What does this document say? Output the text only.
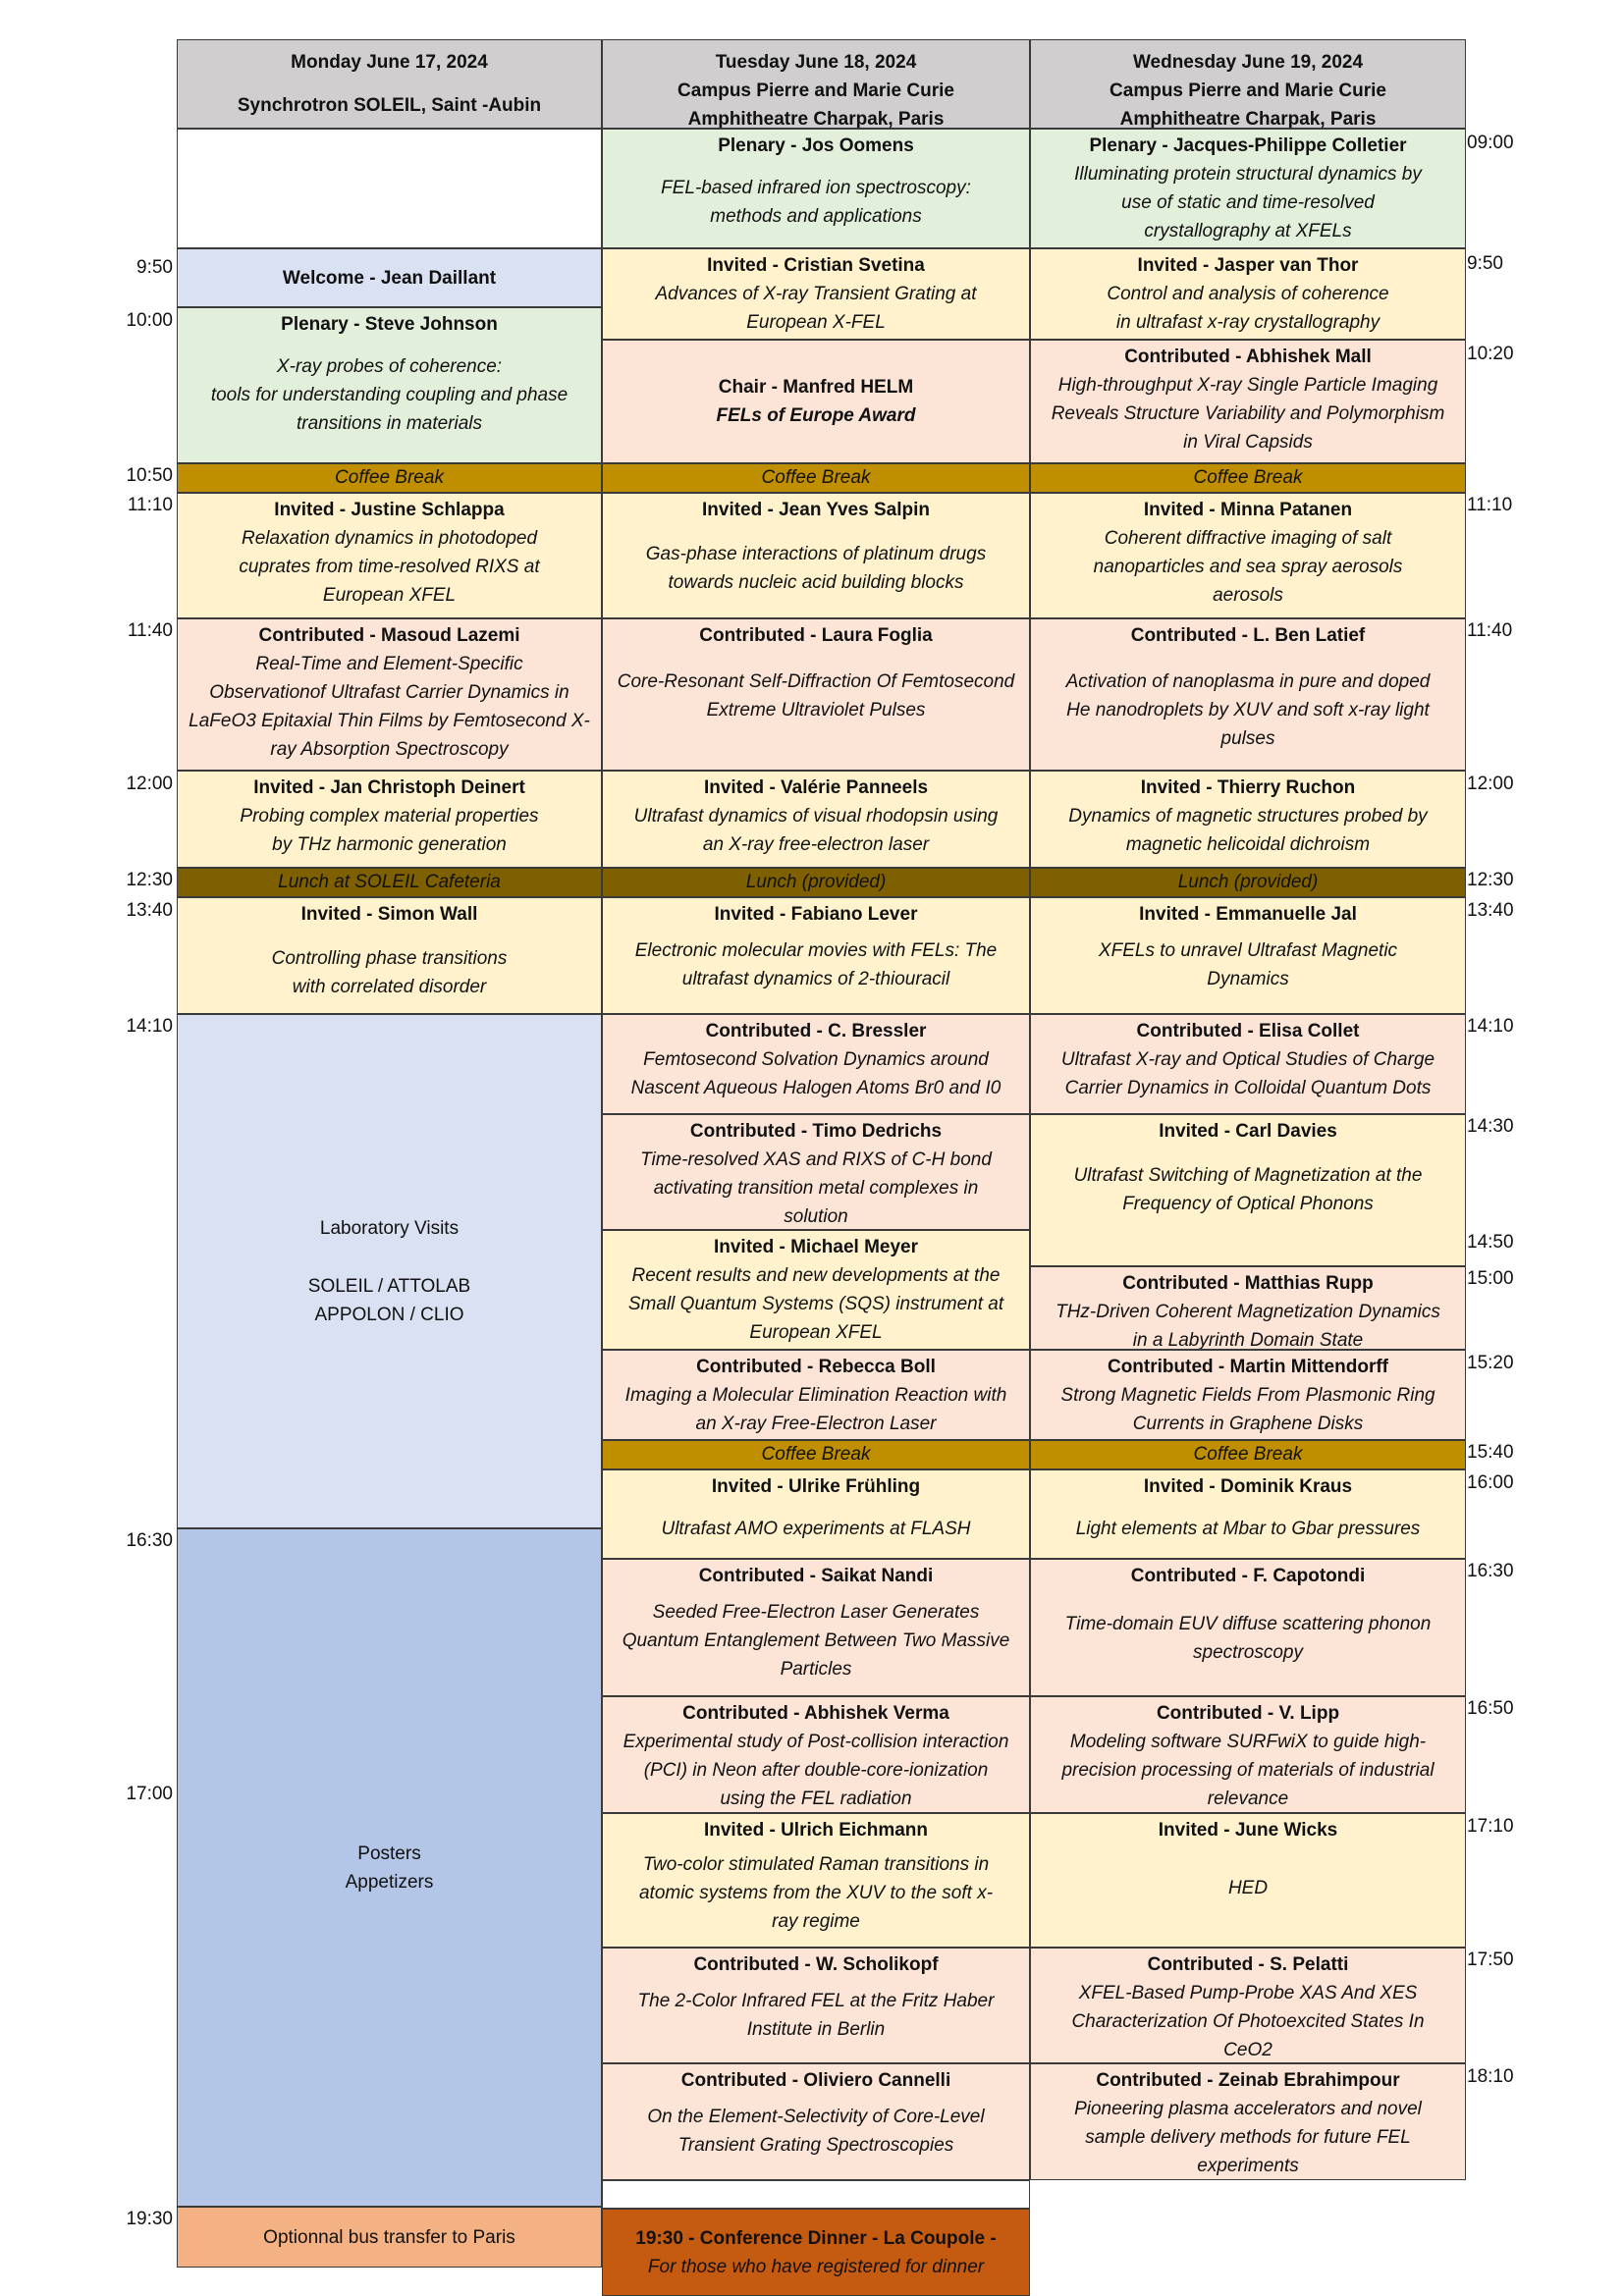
Monday June 17, 2024
Synchrotron SOLEIL, Saint -Aubin
Tuesday June 18, 2024
Campus Pierre and Marie Curie
Amphitheatre Charpak, Paris
Wednesday June 19, 2024
Campus Pierre and Marie Curie
Amphitheatre Charpak, Paris
Welcome - Jean Daillant
Plenary - Steve Johnson
X-ray probes of coherence:
tools for understanding coupling and phase
transitions in materials
Coffee Break
Invited - Justine Schlappa
Relaxation dynamics in photodoped
cuprates from time-resolved RIXS at
European XFEL
Contributed - Masoud Lazemi
Real-Time and Element-Specific
Observationof Ultrafast Carrier Dynamics in
LaFeO3 Epitaxial Thin Films by Femtosecond X-
ray Absorption Spectroscopy
Invited - Jan Christoph Deinert
Probing complex material properties
by THz harmonic generation
Lunch at SOLEIL Cafeteria
Invited - Simon Wall
Controlling phase transitions
with correlated disorder
Laboratory Visits
SOLEIL / ATTOLAB
APPOLON / CLIO
Posters
Appetizers
Optionnal bus transfer to Paris
Plenary - Jos Oomens
FEL-based infrared ion spectroscopy:
methods and applications
Invited - Cristian Svetina
Advances of X-ray Transient Grating at
European X-FEL
Chair - Manfred HELM
FELs of Europe Award
Coffee Break
Invited - Jean Yves Salpin
Gas-phase interactions of platinum drugs
towards nucleic acid building blocks
Contributed - Laura Foglia
Core-Resonant Self-Diffraction Of Femtosecond
Extreme Ultraviolet Pulses
Invited - Valérie Panneels
Ultrafast dynamics of visual rhodopsin using
an X-ray free-electron laser
Lunch (provided)
Invited - Fabiano Lever
Electronic molecular movies with FELs: The
ultrafast dynamics of 2-thiouracil
Contributed - C. Bressler
Femtosecond Solvation Dynamics around
Nascent Aqueous Halogen Atoms Br0 and I0
Contributed - Timo Dedrichs
Time-resolved XAS and RIXS of C-H bond
activating transition metal complexes in
solution
Invited - Michael Meyer
Recent results and new developments at the
Small Quantum Systems (SQS) instrument at
European XFEL
Contributed - Rebecca Boll
Imaging a Molecular Elimination Reaction with
an X-ray Free-Electron Laser
Coffee Break
Invited - Ulrike Frühling
Ultrafast AMO experiments at FLASH
Contributed - Saikat Nandi
Seeded Free-Electron Laser Generates
Quantum Entanglement Between Two Massive
Particles
Contributed - Abhishek Verma
Experimental study of Post-collision interaction
(PCI) in Neon after double-core-ionization
using the FEL radiation
Invited - Ulrich Eichmann
Two-color stimulated Raman transitions in
atomic systems from the XUV to the soft x-
ray regime
Contributed - W. Scholikopf
The 2-Color Infrared FEL at the Fritz Haber
Institute in Berlin
Contributed - Oliviero Cannelli
On the Element-Selectivity of Core-Level
Transient Grating Spectroscopies
19:30 - Conference Dinner - La Coupole -
For those who have registered for dinner
Plenary - Jacques-Philippe Colletier
Illuminating protein structural dynamics by
use of static and time-resolved
crystallography at XFELs
Invited - Jasper van Thor
Control and analysis of coherence
in ultrafast x-ray crystallography
Contributed - Abhishek Mall
High-throughput X-ray Single Particle Imaging
Reveals Structure Variability and Polymorphism
in Viral Capsids
Coffee Break
Invited - Minna Patanen
Coherent diffractive imaging of salt
nanoparticles and sea spray aerosols
aerosols
Contributed - L. Ben Latief
Activation of nanoplasma in pure and doped
He nanodroplets by XUV and soft x-ray light
pulses
Invited - Thierry Ruchon
Dynamics of magnetic structures probed by
magnetic helicoidal dichroism
Lunch (provided)
Invited - Emmanuelle Jal
XFELs to unravel Ultrafast Magnetic
Dynamics
Contributed - Elisa Collet
Ultrafast X-ray and Optical Studies of Charge
Carrier Dynamics in Colloidal Quantum Dots
Invited - Carl Davies
Ultrafast Switching of Magnetization at the
Frequency of Optical Phonons
Contributed - Matthias Rupp
THz-Driven Coherent Magnetization Dynamics
in a Labyrinth Domain State
Contributed - Martin Mittendorff
Strong Magnetic Fields From Plasmonic Ring
Currents in Graphene Disks
Coffee Break
Invited - Dominik Kraus
Light elements at Mbar to Gbar pressures
Contributed - F. Capotondi
Time-domain EUV diffuse scattering phonon
spectroscopy
Contributed - V. Lipp
Modeling software SURFwiX to guide high-
precision processing of materials of industrial
relevance
Invited - June Wicks
HED
Contributed - S. Pelatti
XFEL-Based Pump-Probe XAS And XES
Characterization Of Photoexcited States In
CeO2
Contributed - Zeinab Ebrahimpour
Pioneering plasma accelerators and novel
sample delivery methods for future FEL
experiments
9:50
10:00
10:50
11:10
11:40
12:00
12:30
13:40
14:10
16:30
17:00
19:30
09:00
9:50
10:20
11:10
11:40
12:00
12:30
13:40
14:10
14:30
14:50
15:00
15:20
15:40
16:00
16:30
16:50
17:10
17:50
18:10
